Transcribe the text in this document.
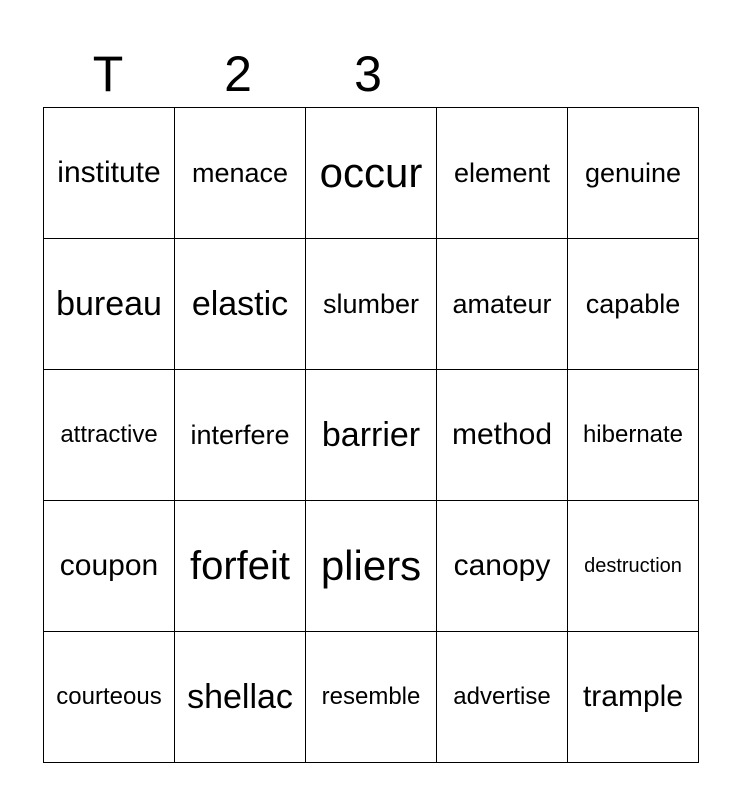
T	2	3
institute	menace	occur	element	genuine
bureau	elastic	slumber	amateur	capable
attractive	interfere	barrier	method	hibernate
coupon	forfeit	pliers	canopy	destruction
courteous	shellac	resemble	advertise	trample
